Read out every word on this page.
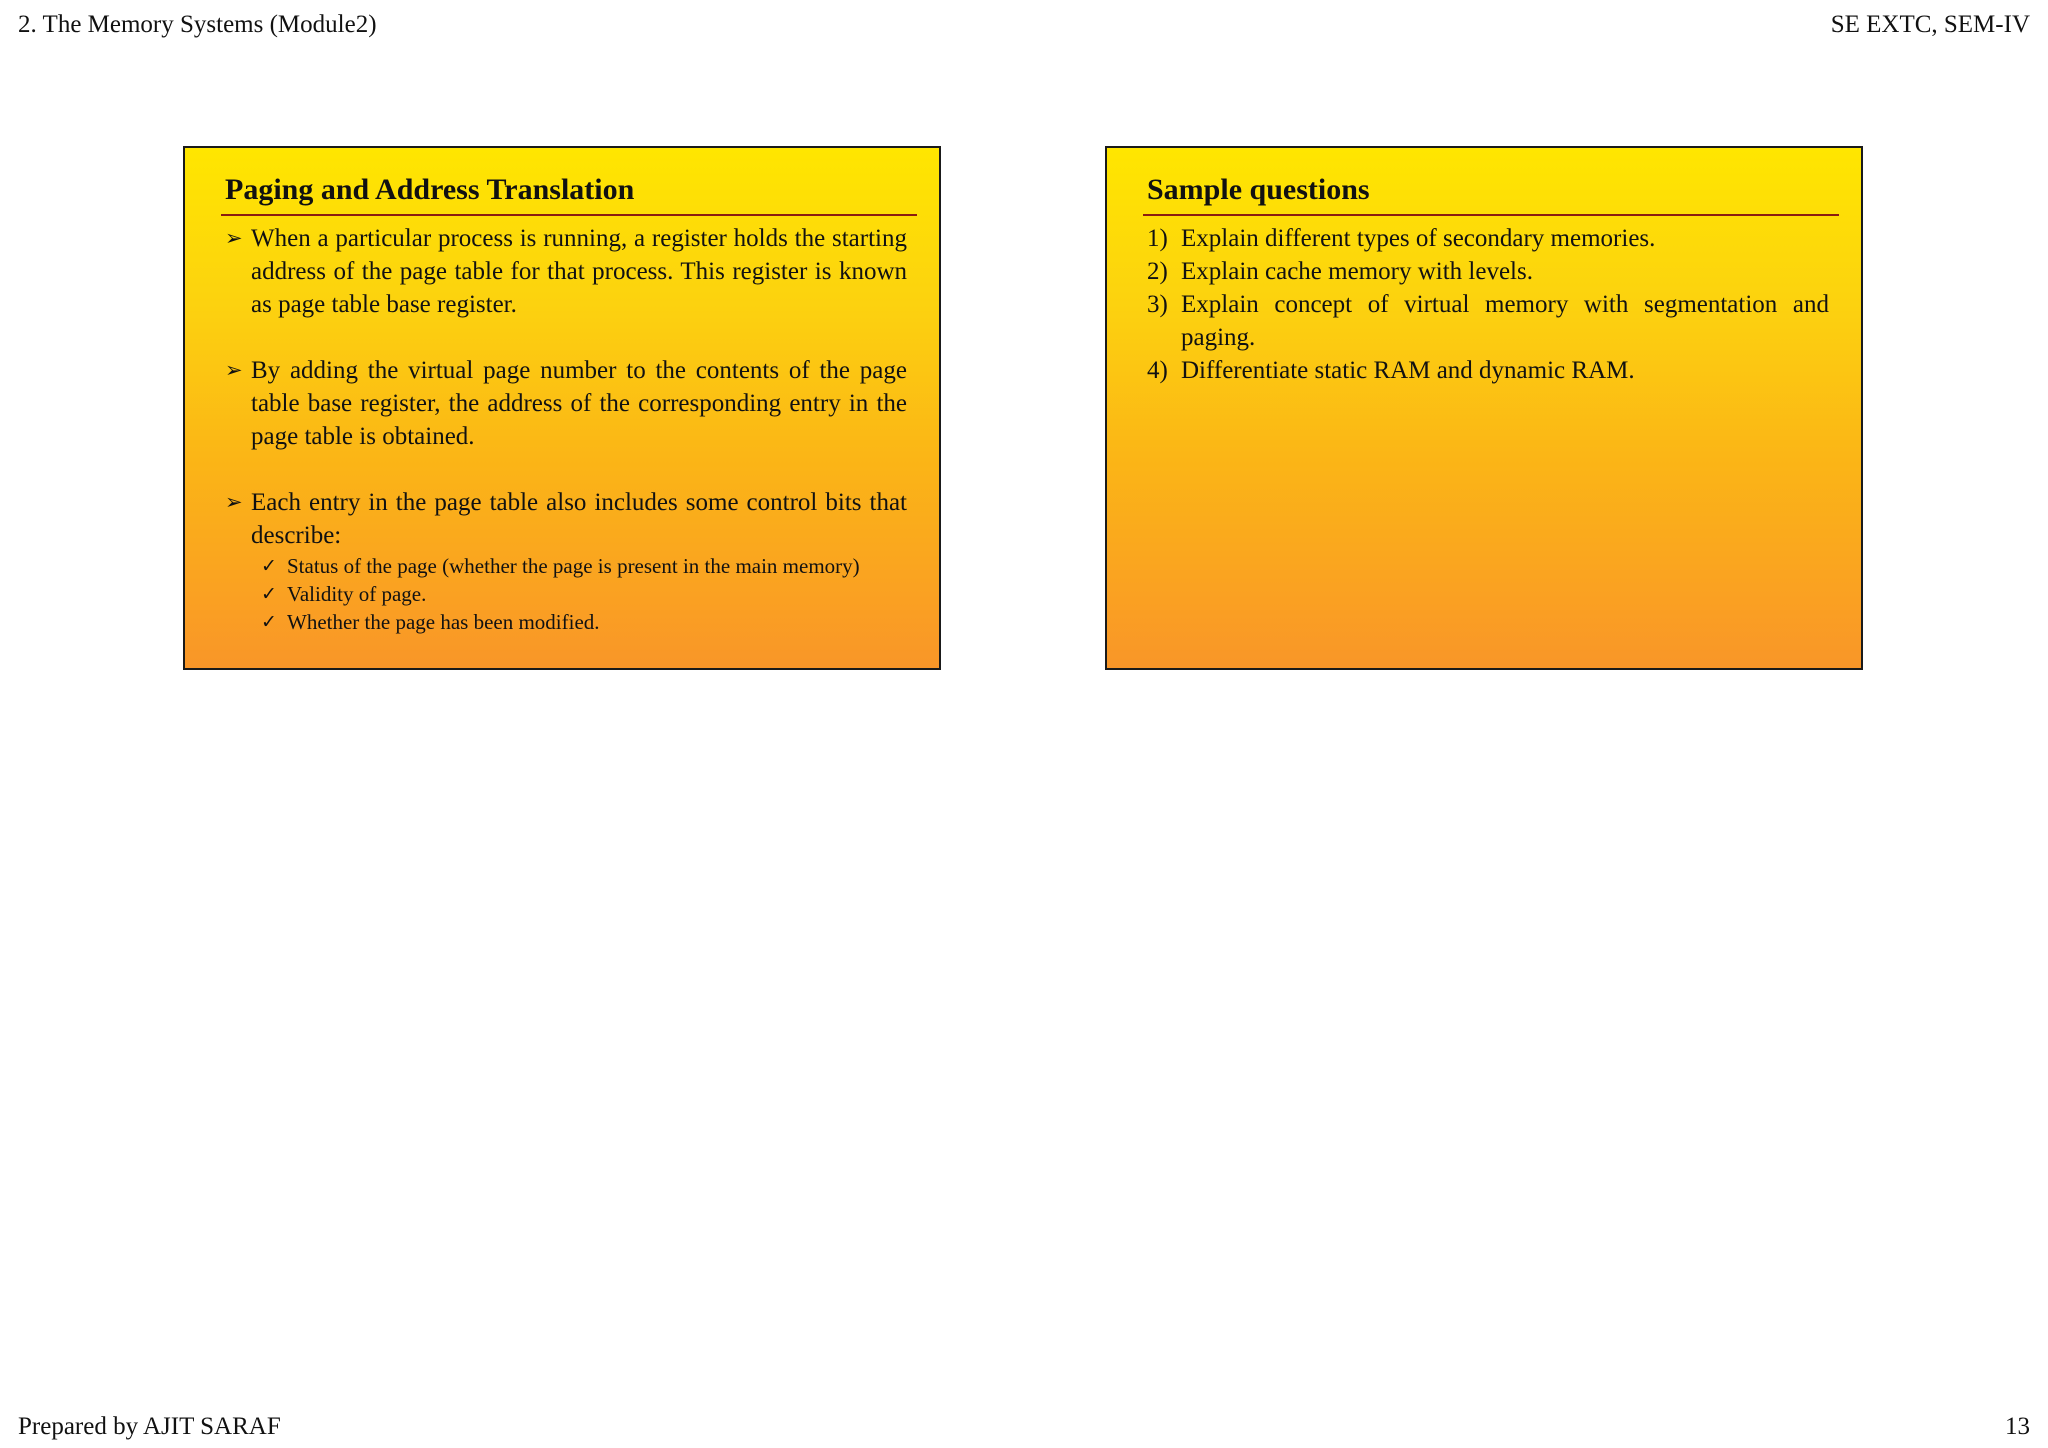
2. The Memory Systems (Module2)	SE EXTC, SEM-IV
Paging and Address Translation
➢ When a particular process is running, a register holds the starting address of the page table for that process. This register is known as page table base register.
➢ By adding the virtual page number to the contents of the page table base register, the address of the corresponding entry in the page table is obtained.
➢ Each entry in the page table also includes some control bits that describe:
✓ Status of the page (whether the page is present in the main memory)
✓ Validity of page.
✓ Whether the page has been modified.
Sample questions
1) Explain different types of secondary memories.
2) Explain cache memory with levels.
3) Explain concept of virtual memory with segmentation and paging.
4) Differentiate static RAM and dynamic RAM.
Prepared by AJIT SARAF	13
